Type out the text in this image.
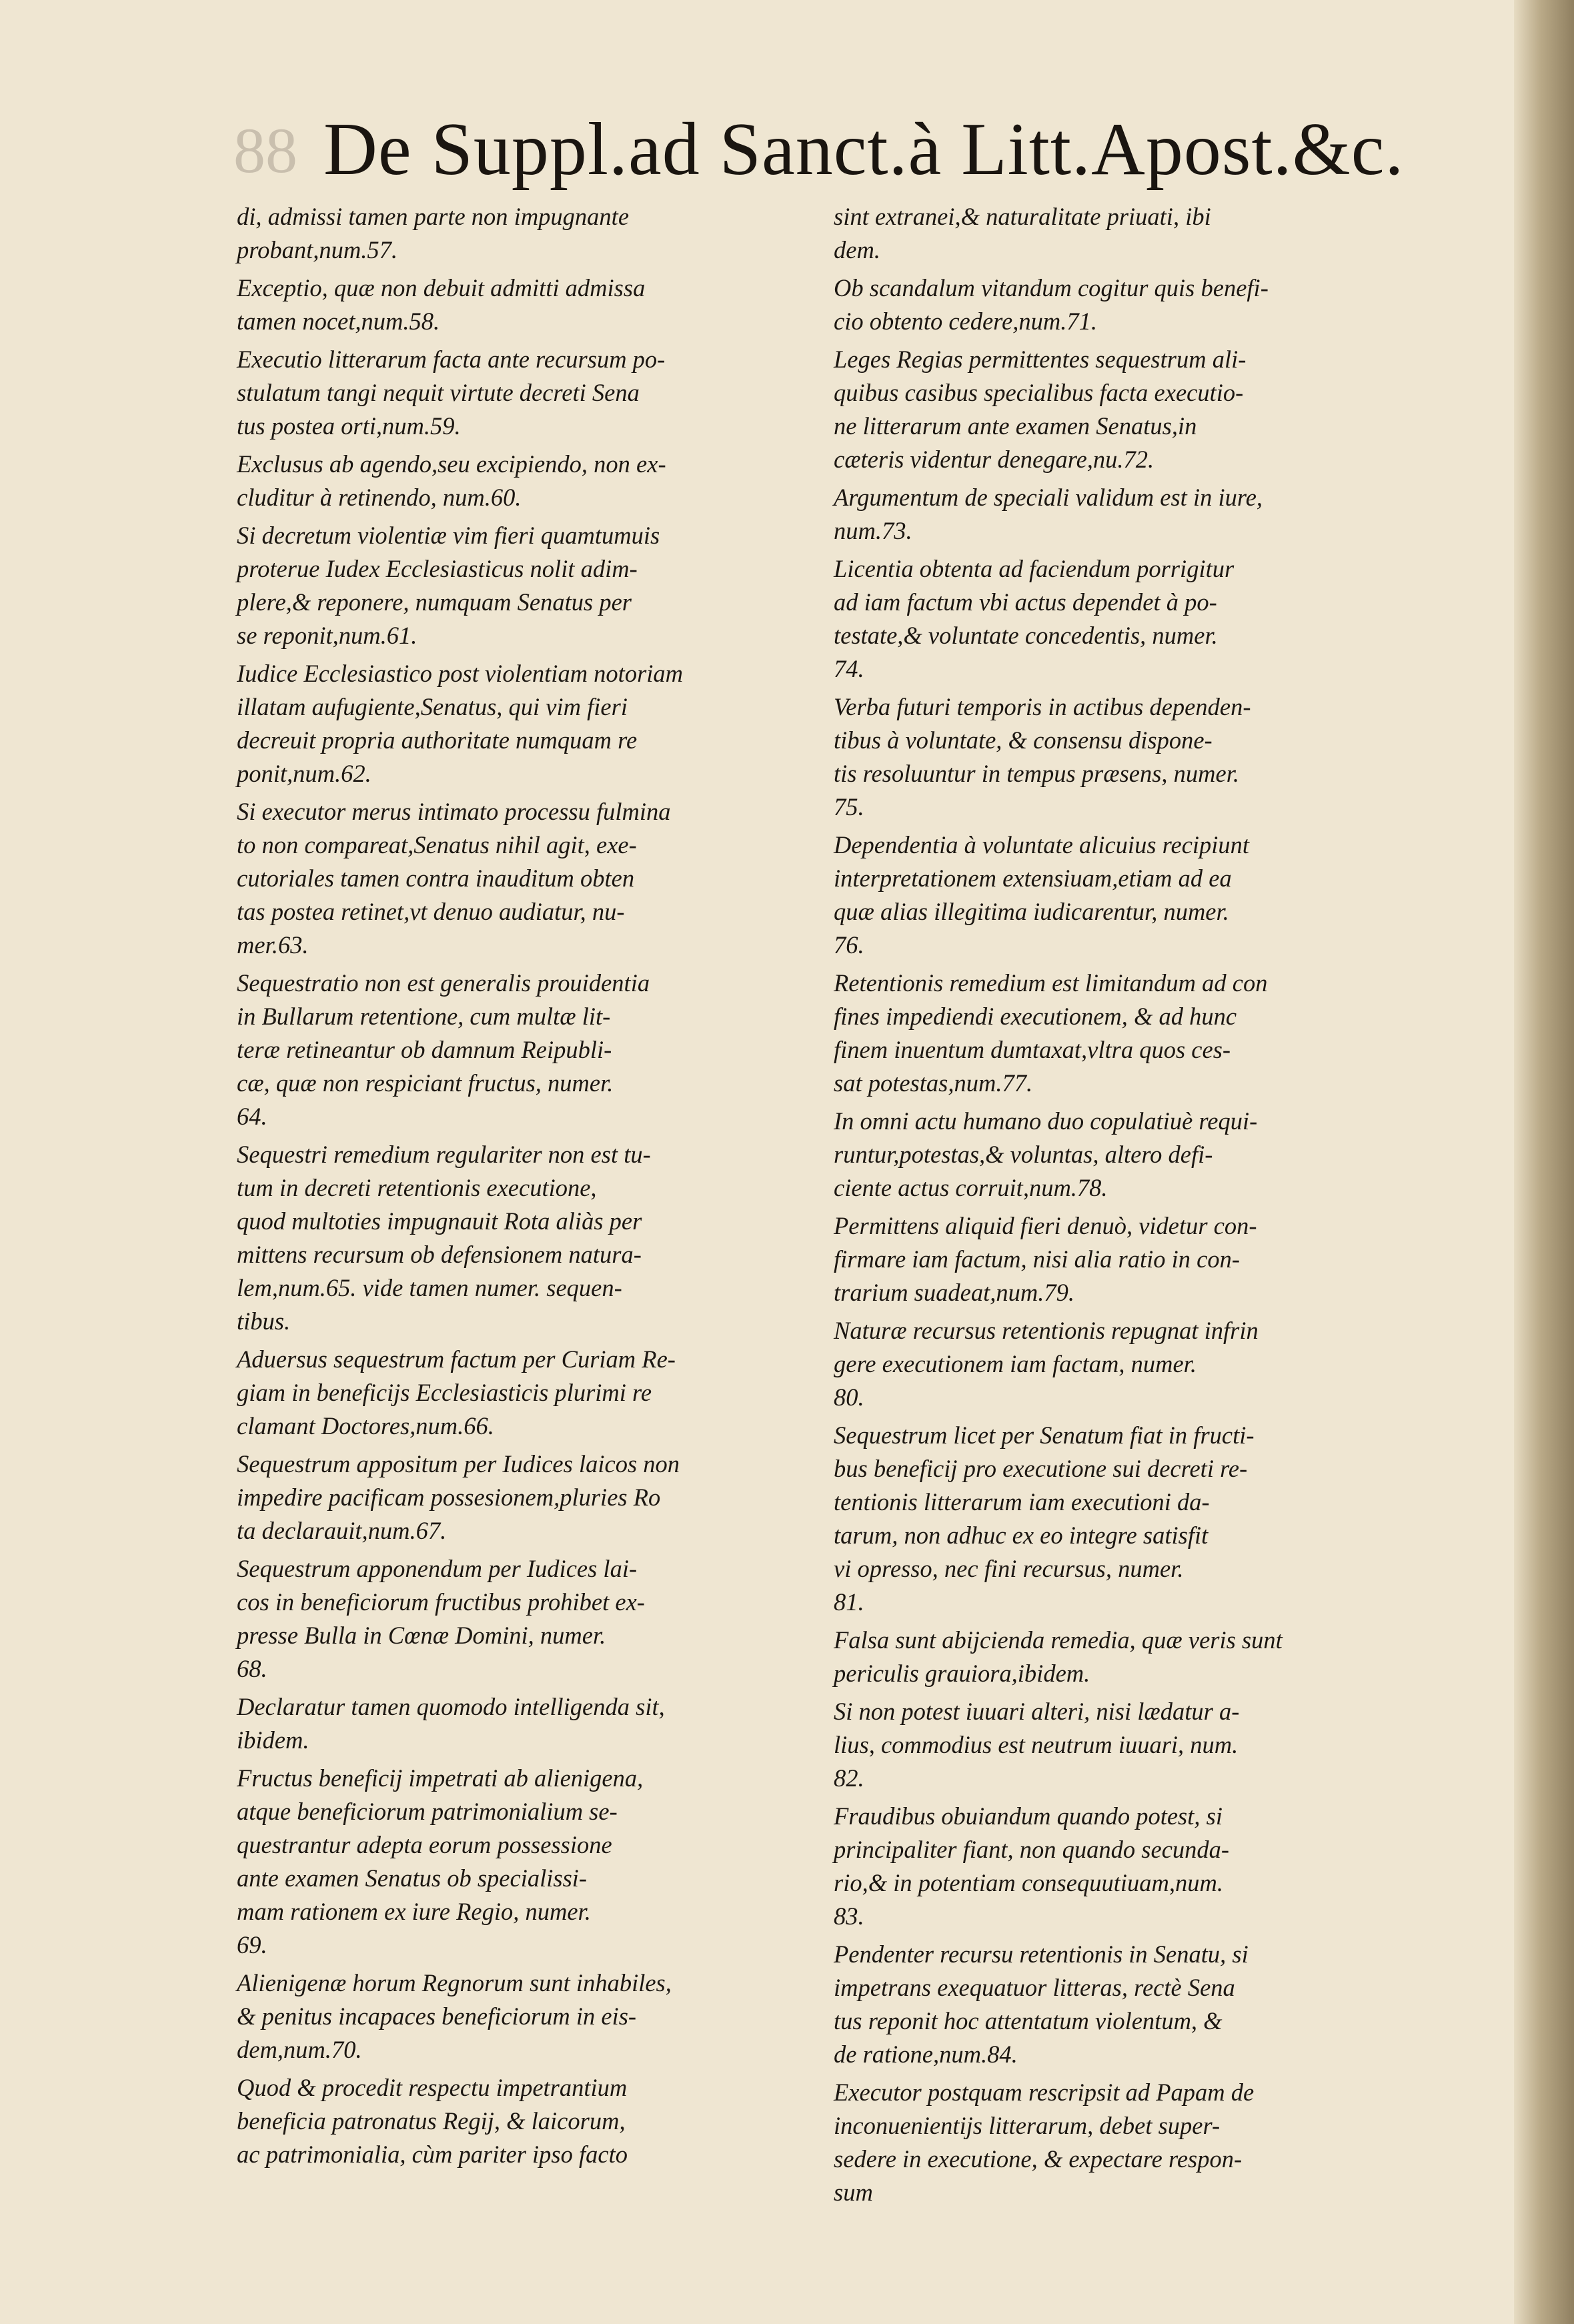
88 De Suppl.ad Sanct.à Litt.Apost.&c.
di, admissi tamen parte non impugnante
probant,num.57.
Exceptio, quæ non debuit admitti admissa
tamen nocet,num.58.
Executio litterarum facta ante recursum po-
stulatum tangi nequit virtute decreti Sena
tus postea orti,num.59.
Exclusus ab agendo,seu excipiendo, non ex-
cluditur à retinendo, num.60.
Si decretum violentiæ vim fieri quamtumuis
proterue Iudex Ecclesiasticus nolit adim-
plere,& reponere, numquam Senatus per
se reponit,num.61.
Iudice Ecclesiastico post violentiam notoriam
illatam aufugiente,Senatus, qui vim fieri
decreuit propria authoritate numquam re
ponit,num.62.
Si executor merus intimato processu fulmina
to non compareat,Senatus nihil agit, exe-
cutoriales tamen contra inauditum obten
tas postea retinet,vt denuo audiatur, nu-
mer.63.
Sequestratio non est generalis prouidentia
in Bullarum retentione, cum multæ lit-
teræ retineantur ob damnum Reipubli-
cæ, quæ non respiciant fructus, numer.
64.
Sequestri remedium regulariter non est tu-
tum in decreti retentionis executione,
quod multoties impugnauit Rota aliàs per
mittens recursum ob defensionem natura-
lem,num.65. vide tamen numer. sequen-
tibus.
Aduersus sequestrum factum per Curiam Re-
giam in beneficijs Ecclesiasticis plurimi re
clamant Doctores,num.66.
Sequestrum appositum per Iudices laicos non
impedire pacificam possesionem,pluries Ro
ta declarauit,num.67.
Sequestrum apponendum per Iudices lai-
cos in beneficiorum fructibus prohibet ex-
presse Bulla in Cœnæ Domini, numer.
68.
Declaratur tamen quomodo intelligenda sit,
ibidem.
Fructus beneficij impetrati ab alienigena,
atque beneficiorum patrimonialium se-
questrantur adepta eorum possessione
ante examen Senatus ob specialissi-
mam rationem ex iure Regio, numer.
69.
Alienigenæ horum Regnorum sunt inhabiles,
& penitus incapaces beneficiorum in eis-
dem,num.70.
Quod & procedit respectu impetrantium
beneficia patronatus Regij, & laicorum,
ac patrimonialia, cùm pariter ipso facto
sint extranei,& naturalitate priuati, ibi
dem.
Ob scandalum vitandum cogitur quis benefi-
cio obtento cedere,num.71.
Leges Regias permittentes sequestrum ali-
quibus casibus specialibus facta executio-
ne litterarum ante examen Senatus,in
cæteris videntur denegare,nu.72.
Argumentum de speciali validum est in iure,
num.73.
Licentia obtenta ad faciendum porrigitur
ad iam factum vbi actus dependet à po-
testate,& voluntate concedentis, numer.
74.
Verba futuri temporis in actibus dependen-
tibus à voluntate, & consensu dispone-
tis resoluuntur in tempus præsens, numer.
75.
Dependentia à voluntate alicuius recipiunt
interpretationem extensiuam,etiam ad ea
quæ alias illegitima iudicarentur, numer.
76.
Retentionis remedium est limitandum ad con
fines impediendi executionem, & ad hunc
finem inuentum dumtaxat,vltra quos ces-
sat potestas,num.77.
In omni actu humano duo copulatiuè requi-
runtur,potestas,& voluntas, altero defi-
ciente actus corruit,num.78.
Permittens aliquid fieri denuò, videtur con-
firmare iam factum, nisi alia ratio in con-
trarium suadeat,num.79.
Naturæ recursus retentionis repugnat infrin
gere executionem iam factam, numer.
80.
Sequestrum licet per Senatum fiat in fructi-
bus beneficij pro executione sui decreti re-
tentionis litterarum iam executioni da-
tarum, non adhuc ex eo integre satisfit
vi opresso, nec fini recursus, numer.
81.
Falsa sunt abijcienda remedia, quæ veris sunt
periculis grauiora,ibidem.
Si non potest iuuari alteri, nisi lædatur a-
lius, commodius est neutrum iuuari, num.
82.
Fraudibus obuiandum quando potest, si
principaliter fiant, non quando secunda-
rio,& in potentiam consequutiuam,num.
83.
Pendenter recursu retentionis in Senatu, si
impetrans exequatuor litteras, rectè Sena
tus reponit hoc attentatum violentum, &
de ratione,num.84.
Executor postquam rescripsit ad Papam de
inconuenientijs litterarum, debet super-
sedere in executione, & expectare respon-
sum
